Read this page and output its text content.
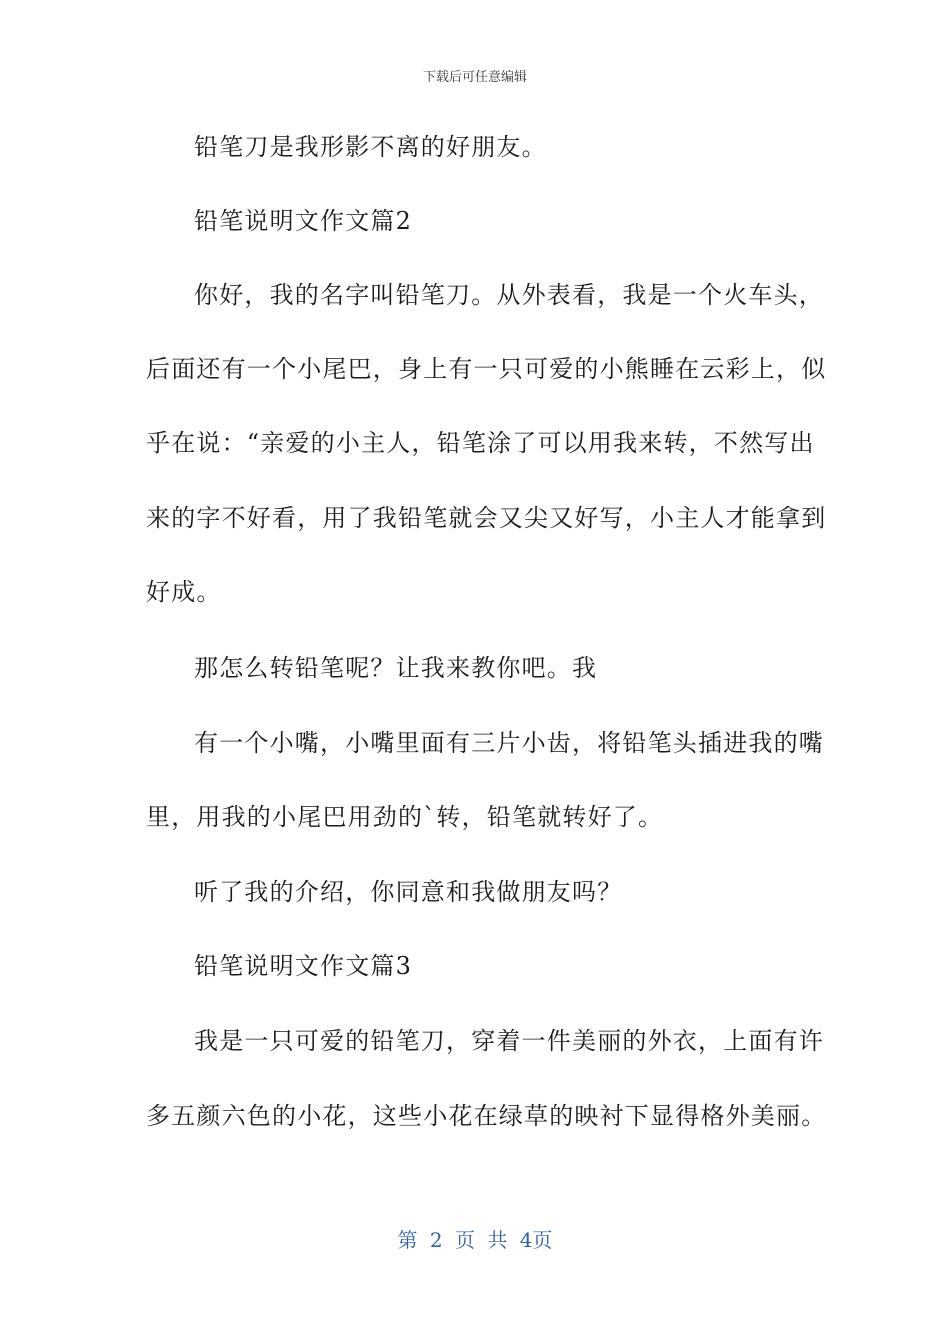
下载后可任意编辑
铅笔刀是我形影不离的好朋友。
铅笔说明文作文篇2
你好，我的名字叫铅笔刀。从外表看，我是一个火车头，
后面还有一个小尾巴，身上有一只可爱的小熊睡在云彩上，似
乎在说：“亲爱的小主人，铅笔涂了可以用我来转，不然写出
来的字不好看，用了我铅笔就会又尖又好写，小主人才能拿到
好成。
那怎么转铅笔呢？让我来教你吧。我
有一个小嘴，小嘴里面有三片小齿，将铅笔头插进我的嘴
里，用我的小尾巴用劲的`转，铅笔就转好了。
听了我的介绍，你同意和我做朋友吗？
铅笔说明文作文篇3
我是一只可爱的铅笔刀，穿着一件美丽的外衣，上面有许
多五颜六色的小花，这些小花在绿草的映衬下显得格外美丽。
第 2 页 共 4页
